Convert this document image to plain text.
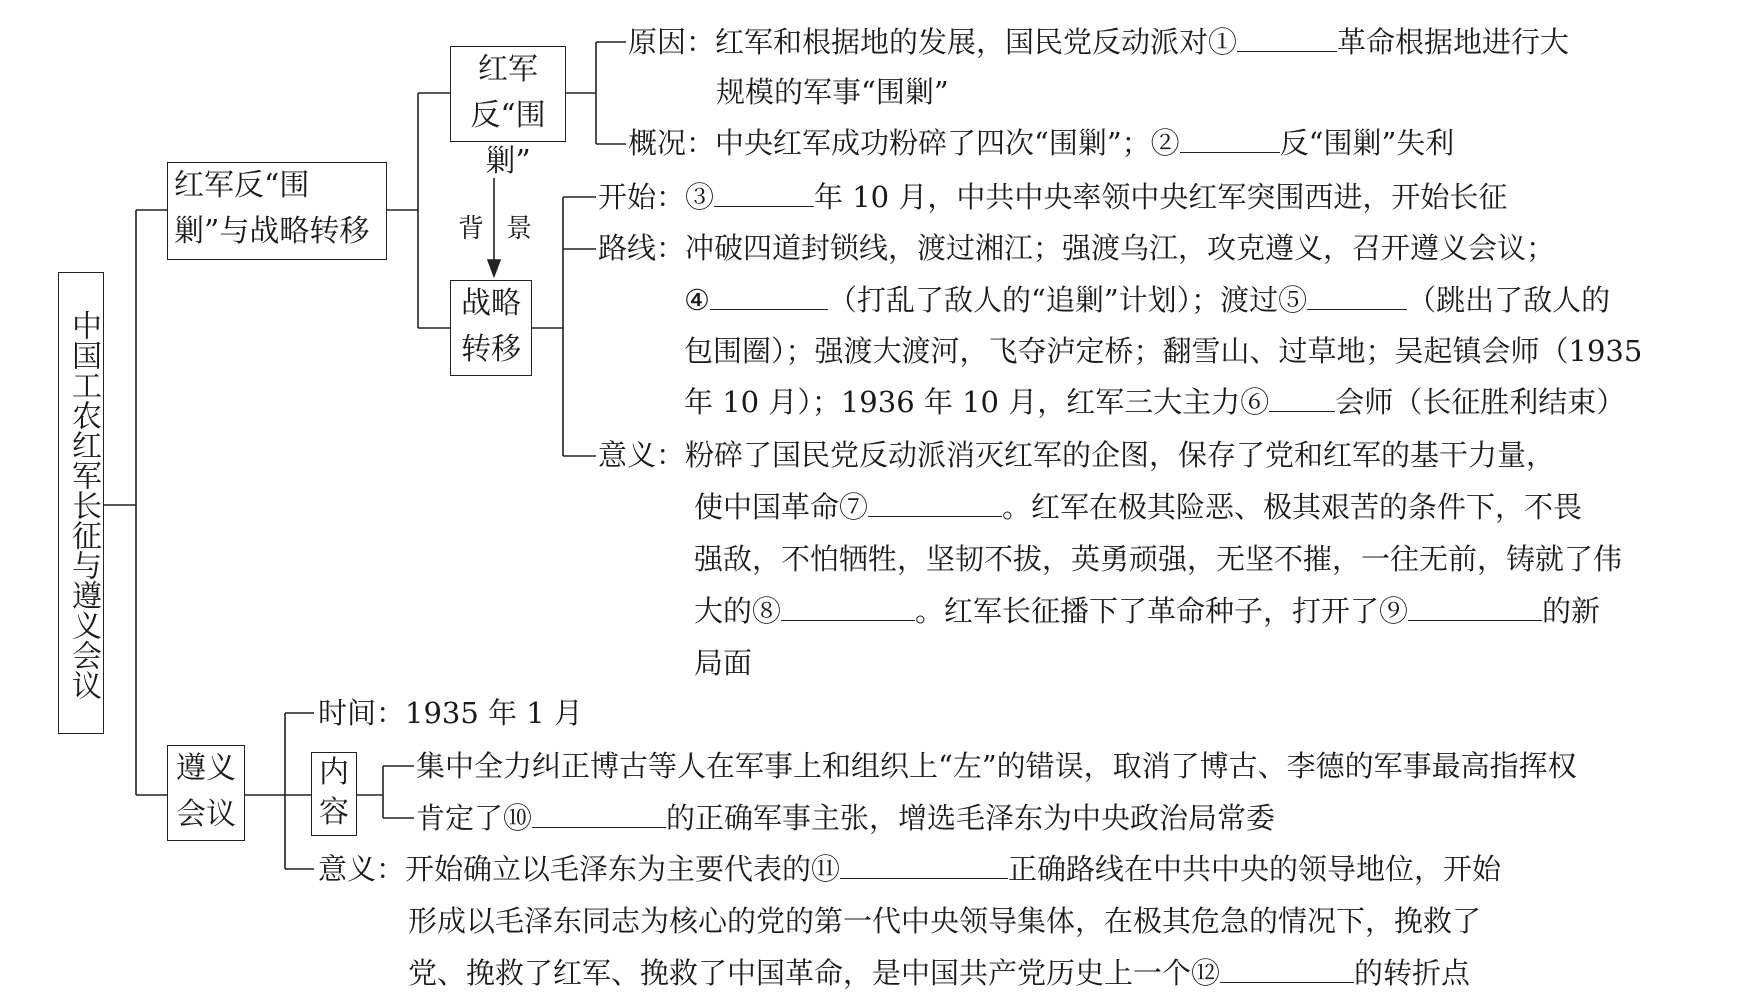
中国工农红军长征与遵义会议
红军反“围剿”与战略转移
红军反“围剿”
背 景
战略转移
原因：红军和根据地的发展，国民党反动派对①	革命根据地进行大
规模的军事“围剿”
概况：中央红军成功粉碎了四次“围剿”；②	反“围剿”失利
开始：③	年 10 月，中共中央率领中央红军突围西进，开始长征
路线：冲破四道封锁线，渡过湘江；强渡乌江，攻克遵义，召开遵义会议；
④	（打乱了敌人的“追剿”计划）；渡过⑤	（跳出了敌人的
包围圈）；强渡大渡河，飞夺泸定桥；翻雪山、过草地；吴起镇会师（1935
年 10 月）；1936 年 10 月，红军三大主力⑥ 会师（长征胜利结束）
意义：粉碎了国民党反动派消灭红军的企图，保存了党和红军的基干力量，
使中国革命⑦	。红军在极其险恶、极其艰苦的条件下，不畏
强敌，不怕牺牲，坚韧不拔，英勇顽强，无坚不摧，一往无前，铸就了伟
大的⑧	。红军长征播下了革命种子，打开了⑨	的新
局面
遵义会议
内容
时间：1935 年 1 月
集中全力纠正博古等人在军事上和组织上“左”的错误，取消了博古、李德的军事最高指挥权
肯定了⑩	的正确军事主张，增选毛泽东为中央政治局常委
意义：开始确立以毛泽东为主要代表的⑪	正确路线在中共中央的领导地位，开始
形成以毛泽东同志为核心的党的第一代中央领导集体，在极其危急的情况下，挽救了
党、挽救了红军、挽救了中国革命，是中国共产党历史上一个⑫	的转折点
